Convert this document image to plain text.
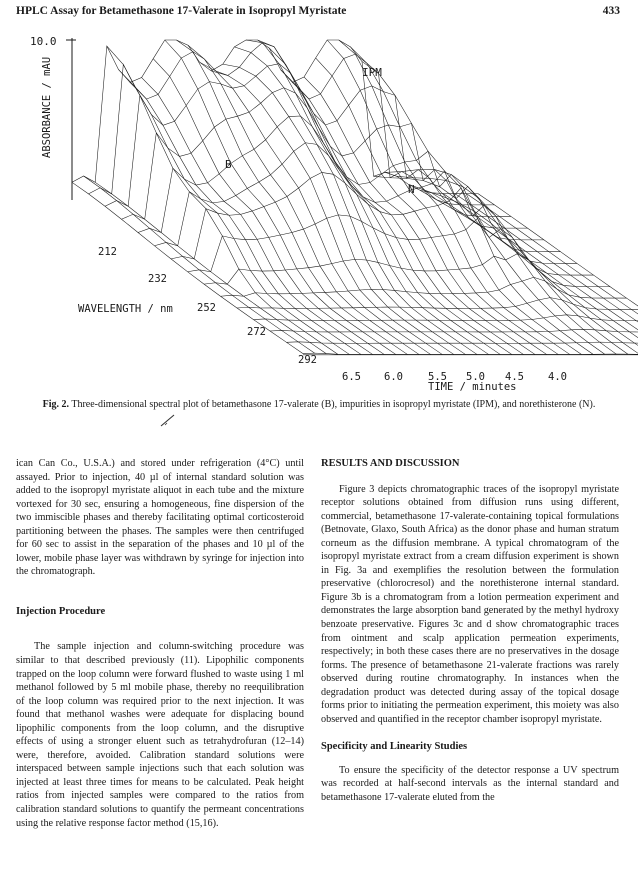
HPLC Assay for Betamethasone 17-Valerate in Isopropyl Myristate	433
10.0
ABSORBANCE / mAU
212
232
252
272
292
WAVELENGTH / nm
6.5 6.0 5.5 5.0 4.5 4.0
TIME / minutes
IPM
B
N
Fig. 2. Three-dimensional spectral plot of betamethasone 17-valerate (B), impurities in isopropyl myristate (IPM), and norethisterone (N).

ican Can Co., U.S.A.) and stored under refrigeration (4°C) until assayed. Prior to injection, 40 µl of internal standard solution was added to the isopropyl myristate aliquot in each tube and the mixture vortexed for 30 sec, ensuring a homogeneous, fine dispersion of the two immiscible phases and thereby facilitating optimal corticosteroid partitioning between the phases. The samples were then centrifuged for 60 sec to assist in the separation of the phases and 10 µl of the lower, mobile phase layer was withdrawn by syringe for injection into the chromatograph.

Injection Procedure

The sample injection and column-switching procedure was similar to that described previously (11). Lipophilic components trapped on the loop column were forward flushed to waste using 1 ml methanol followed by 5 ml mobile phase, thereby no reequilibration of the loop column was required prior to the next injection. It was found that methanol washes were adequate for displacing bound lipophilic components from the loop column, and the disruptive effects of using a stronger eluent such as tetrahydrofuran (12–14) were, therefore, avoided. Calibration standard solutions were interspaced between sample injections such that each solution was injected at least three times for means to be calculated. Peak height ratios from injected samples were compared to the ratios from calibration standard solutions to quantify the permeant concentrations using the relative response factor method (15,16).

RESULTS AND DISCUSSION

Figure 3 depicts chromatographic traces of the isopropyl myristate receptor solutions obtained from diffusion runs using different, commercial, betamethasone 17-valerate-containing topical formulations (Betnovate, Glaxo, South Africa) as the donor phase and human stratum corneum as the diffusion membrane. A typical chromatogram of the isopropyl myristate extract from a cream diffusion experiment is shown in Fig. 3a and exemplifies the resolution between the formulation preservative (chlorocresol) and the norethisterone internal standard. Figure 3b is a chromatogram from a lotion permeation experiment and demonstrates the large absorption band generated by the methyl hydroxy benzoate preservative. Figures 3c and d show chromatographic traces from ointment and scalp application permeation experiments, respectively; in both these cases there are no preservatives in the dosage forms. The presence of betamethasone 21-valerate fractions was rarely observed during routine chromatography. In instances when the degradation product was detected during assay of the topical dosage forms prior to initiating the permeation experiment, this moiety was also observed and quantified in the receptor chamber isopropyl myristate.

Specificity and Linearity Studies

To ensure the specificity of the detector response a UV spectrum was recorded at half-second intervals as the internal standard and betamethasone 17-valerate eluted from the
